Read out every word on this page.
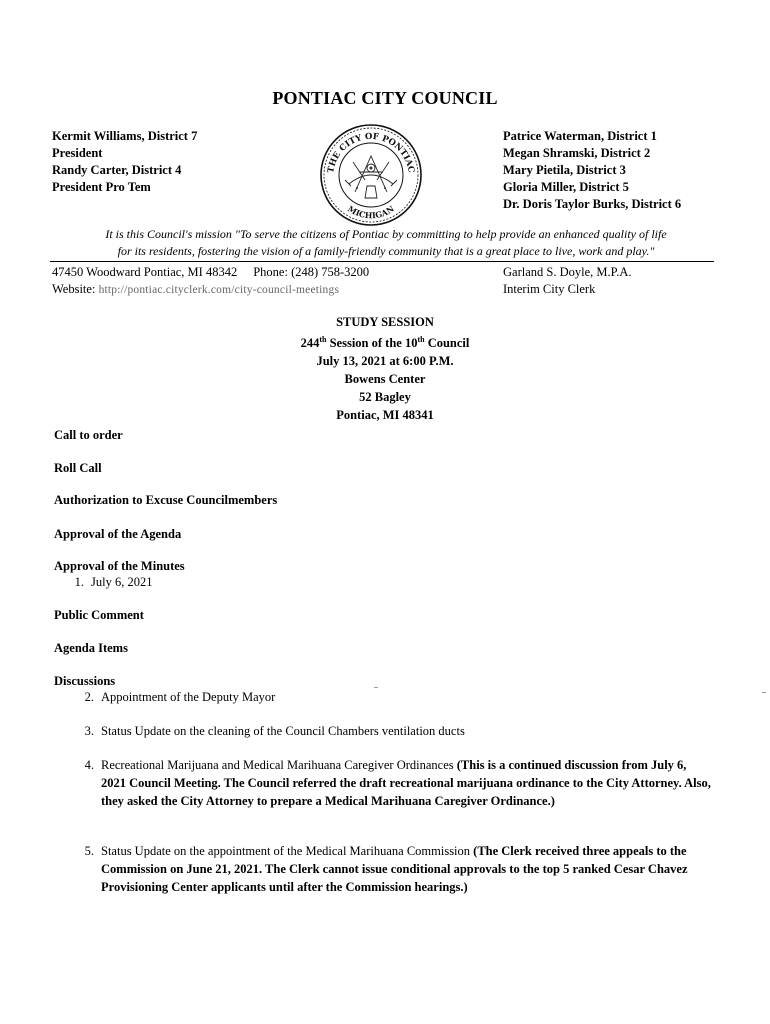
PONTIAC CITY COUNCIL
Kermit Williams, District 7
President
Randy Carter, District 4
President Pro Tem
THE CITY OF PONTIAC
MICHIGAN
Patrice Waterman, District 1
Megan Shramski, District 2
Mary Pietila, District 3
Gloria Miller, District 5
Dr. Doris Taylor Burks, District 6
It is this Council's mission "To serve the citizens of Pontiac by committing to help provide an enhanced quality of life
for its residents, fostering the vision of a family-friendly community that is a great place to live, work and play."
47450 Woodward Pontiac, MI 48342 Phone: (248) 758-3200
Website: http://pontiac.cityclerk.com/city-council-meetings
Garland S. Doyle, M.P.A.
Interim City Clerk
STUDY SESSION
244th Session of the 10th Council
July 13, 2021 at 6:00 P.M.
Bowens Center
52 Bagley
Pontiac, MI 48341
Call to order
Roll Call
Authorization to Excuse Councilmembers
Approval of the Agenda
Approval of the Minutes
1. July 6, 2021
Public Comment
Agenda Items
Discussions
2. Appointment of the Deputy Mayor
3. Status Update on the cleaning of the Council Chambers ventilation ducts
4. Recreational Marijuana and Medical Marihuana Caregiver Ordinances (This is a continued discussion from July 6, 2021 Council Meeting. The Council referred the draft recreational marijuana ordinance to the City Attorney. Also, they asked the City Attorney to prepare a Medical Marihuana Caregiver Ordinance.)
5. Status Update on the appointment of the Medical Marihuana Commission (The Clerk received three appeals to the Commission on June 21, 2021. The Clerk cannot issue conditional approvals to the top 5 ranked Cesar Chavez Provisioning Center applicants until after the Commission hearings.)
